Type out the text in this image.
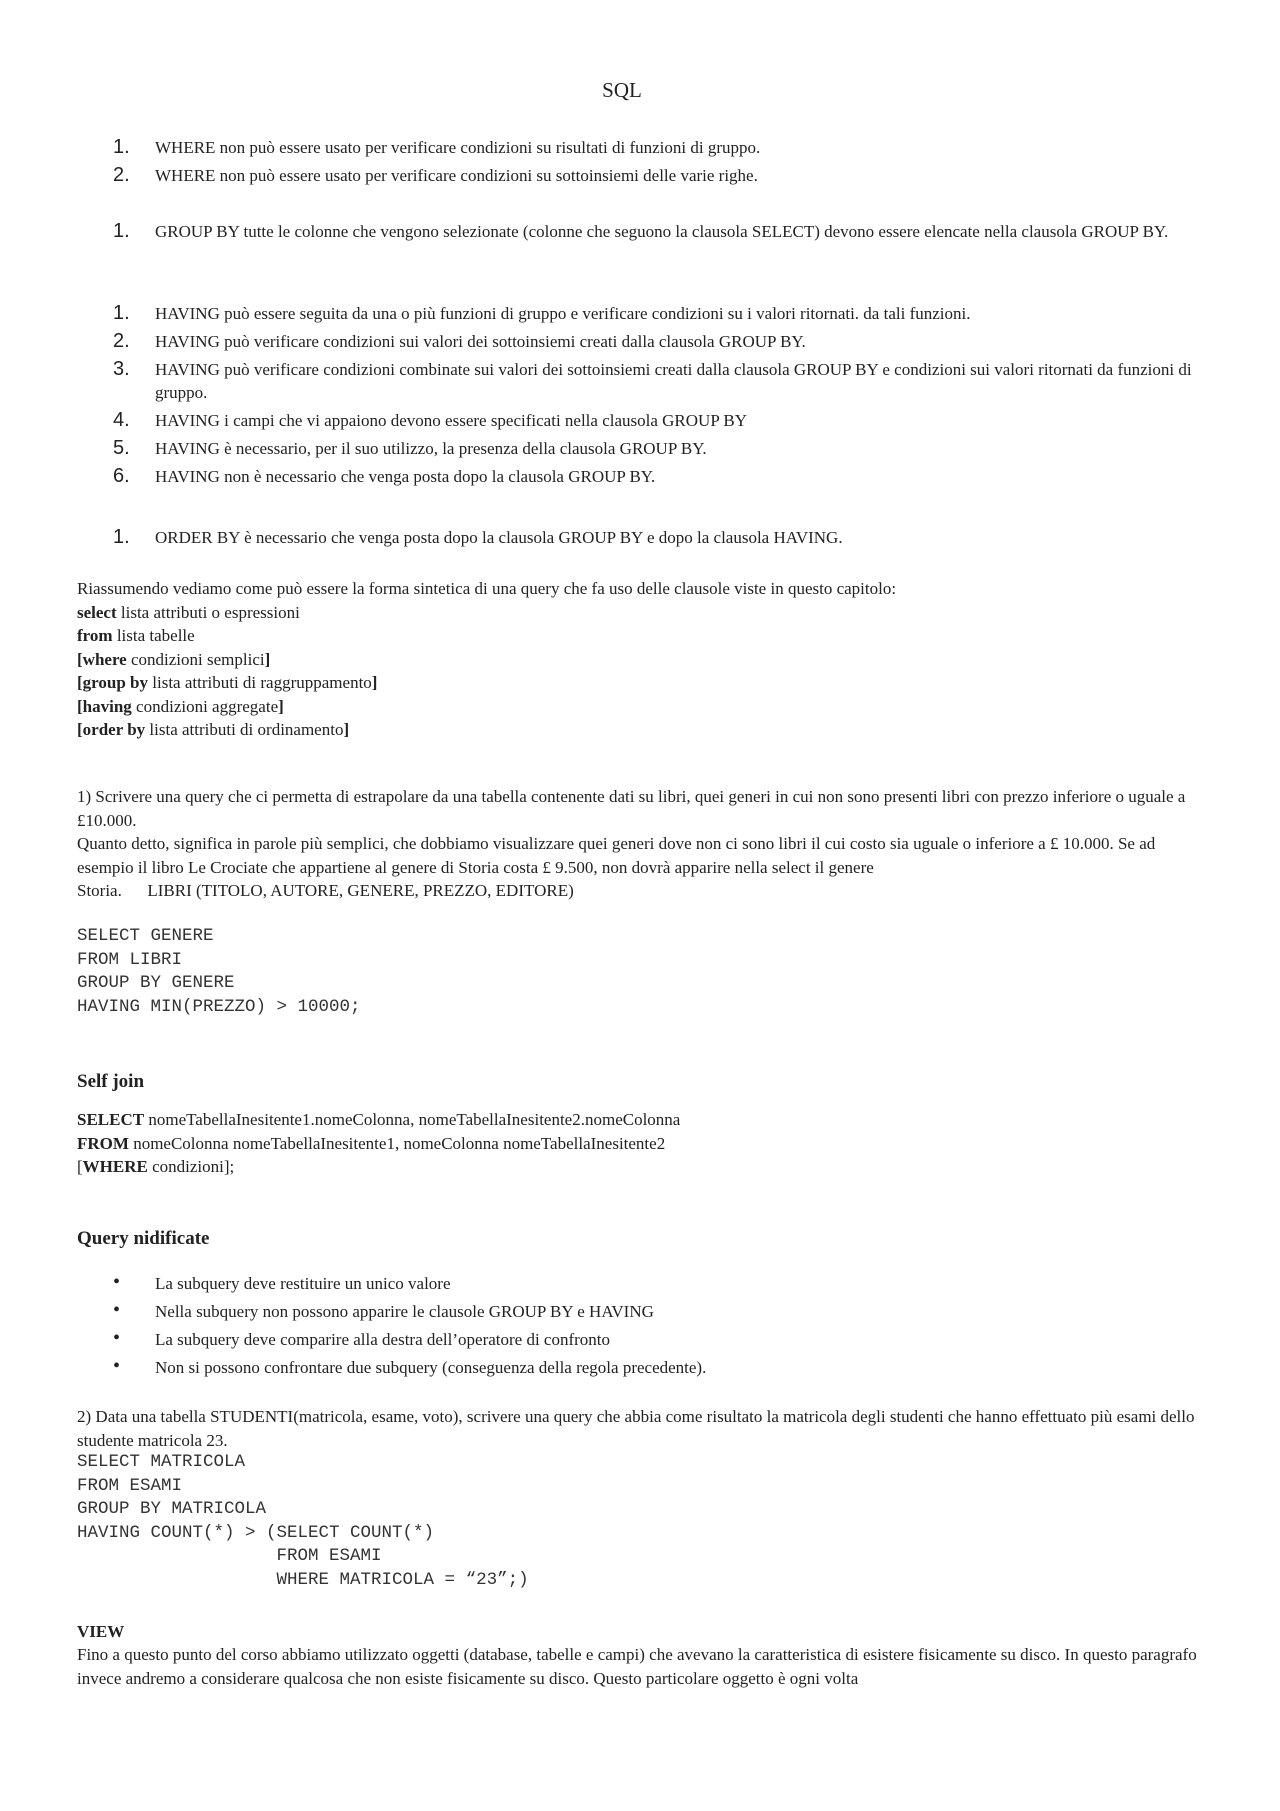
SQL
1. WHERE non può essere usato per verificare condizioni su risultati di funzioni di gruppo.
2. WHERE non può essere usato per verificare condizioni su sottoinsiemi delle varie righe.
1. GROUP BY tutte le colonne che vengono selezionate (colonne che seguono la clausola SELECT) devono essere elencate nella clausola GROUP BY.
1. HAVING può essere seguita da una o più funzioni di gruppo e verificare condizioni su i valori ritornati. da tali funzioni.
2. HAVING può verificare condizioni sui valori dei sottoinsiemi creati dalla clausola GROUP BY.
3. HAVING può verificare condizioni combinate sui valori dei sottoinsiemi creati dalla clausola GROUP BY e condizioni sui valori ritornati da funzioni di gruppo.
4. HAVING i campi che vi appaiono devono essere specificati nella clausola GROUP BY
5. HAVING è necessario, per il suo utilizzo, la presenza della clausola GROUP BY.
6. HAVING non è necessario che venga posta dopo la clausola GROUP BY.
1. ORDER BY è necessario che venga posta dopo la clausola GROUP BY e dopo la clausola HAVING.
Riassumendo vediamo come può essere la forma sintetica di una query che fa uso delle clausole viste in questo capitolo:
select lista attributi o espressioni
from lista tabelle
[where condizioni semplici]
[group by lista attributi di raggruppamento]
[having condizioni aggregate]
[order by lista attributi di ordinamento]
1) Scrivere una query che ci permetta di estrapolare da una tabella contenente dati su libri, quei generi in cui non sono presenti libri con prezzo inferiore o uguale a £10.000.
Quanto detto, significa in parole più semplici, che dobbiamo visualizzare quei generi dove non ci sono libri il cui costo sia uguale o inferiore a £ 10.000. Se ad esempio il libro Le Crociate che appartiene al genere di Storia costa £ 9.500, non dovrà apparire nella select il genere
Storia.      LIBRI (TITOLO, AUTORE, GENERE, PREZZO, EDITORE)
SELECT GENERE
FROM LIBRI
GROUP BY GENERE
HAVING MIN(PREZZO) > 10000;
Self join
SELECT nomeTabellaInesitente1.nomeColonna, nomeTabellaInesitente2.nomeColonna
FROM nomeColonna nomeTabellaInesitente1, nomeColonna nomeTabellaInesitente2
[WHERE condizioni];
Query nidificate
• La subquery deve restituire un unico valore
• Nella subquery non possono apparire le clausole GROUP BY e HAVING
• La subquery deve comparire alla destra dell’operatore di confronto
• Non si possono confrontare due subquery (conseguenza della regola precedente).
2) Data una tabella STUDENTI(matricola, esame, voto), scrivere una query che abbia come risultato la matricola degli studenti che hanno effettuato più esami dello studente matricola 23.
SELECT MATRICOLA
FROM ESAMI
GROUP BY MATRICOLA
HAVING COUNT(*) > (SELECT COUNT(*)
FROM ESAMI
WHERE MATRICOLA = “23”;)
VIEW
Fino a questo punto del corso abbiamo utilizzato oggetti (database, tabelle e campi) che avevano la caratteristica di esistere fisicamente su disco. In questo paragrafo invece andremo a considerare qualcosa che non esiste fisicamente su disco. Questo particolare oggetto è ogni volta
